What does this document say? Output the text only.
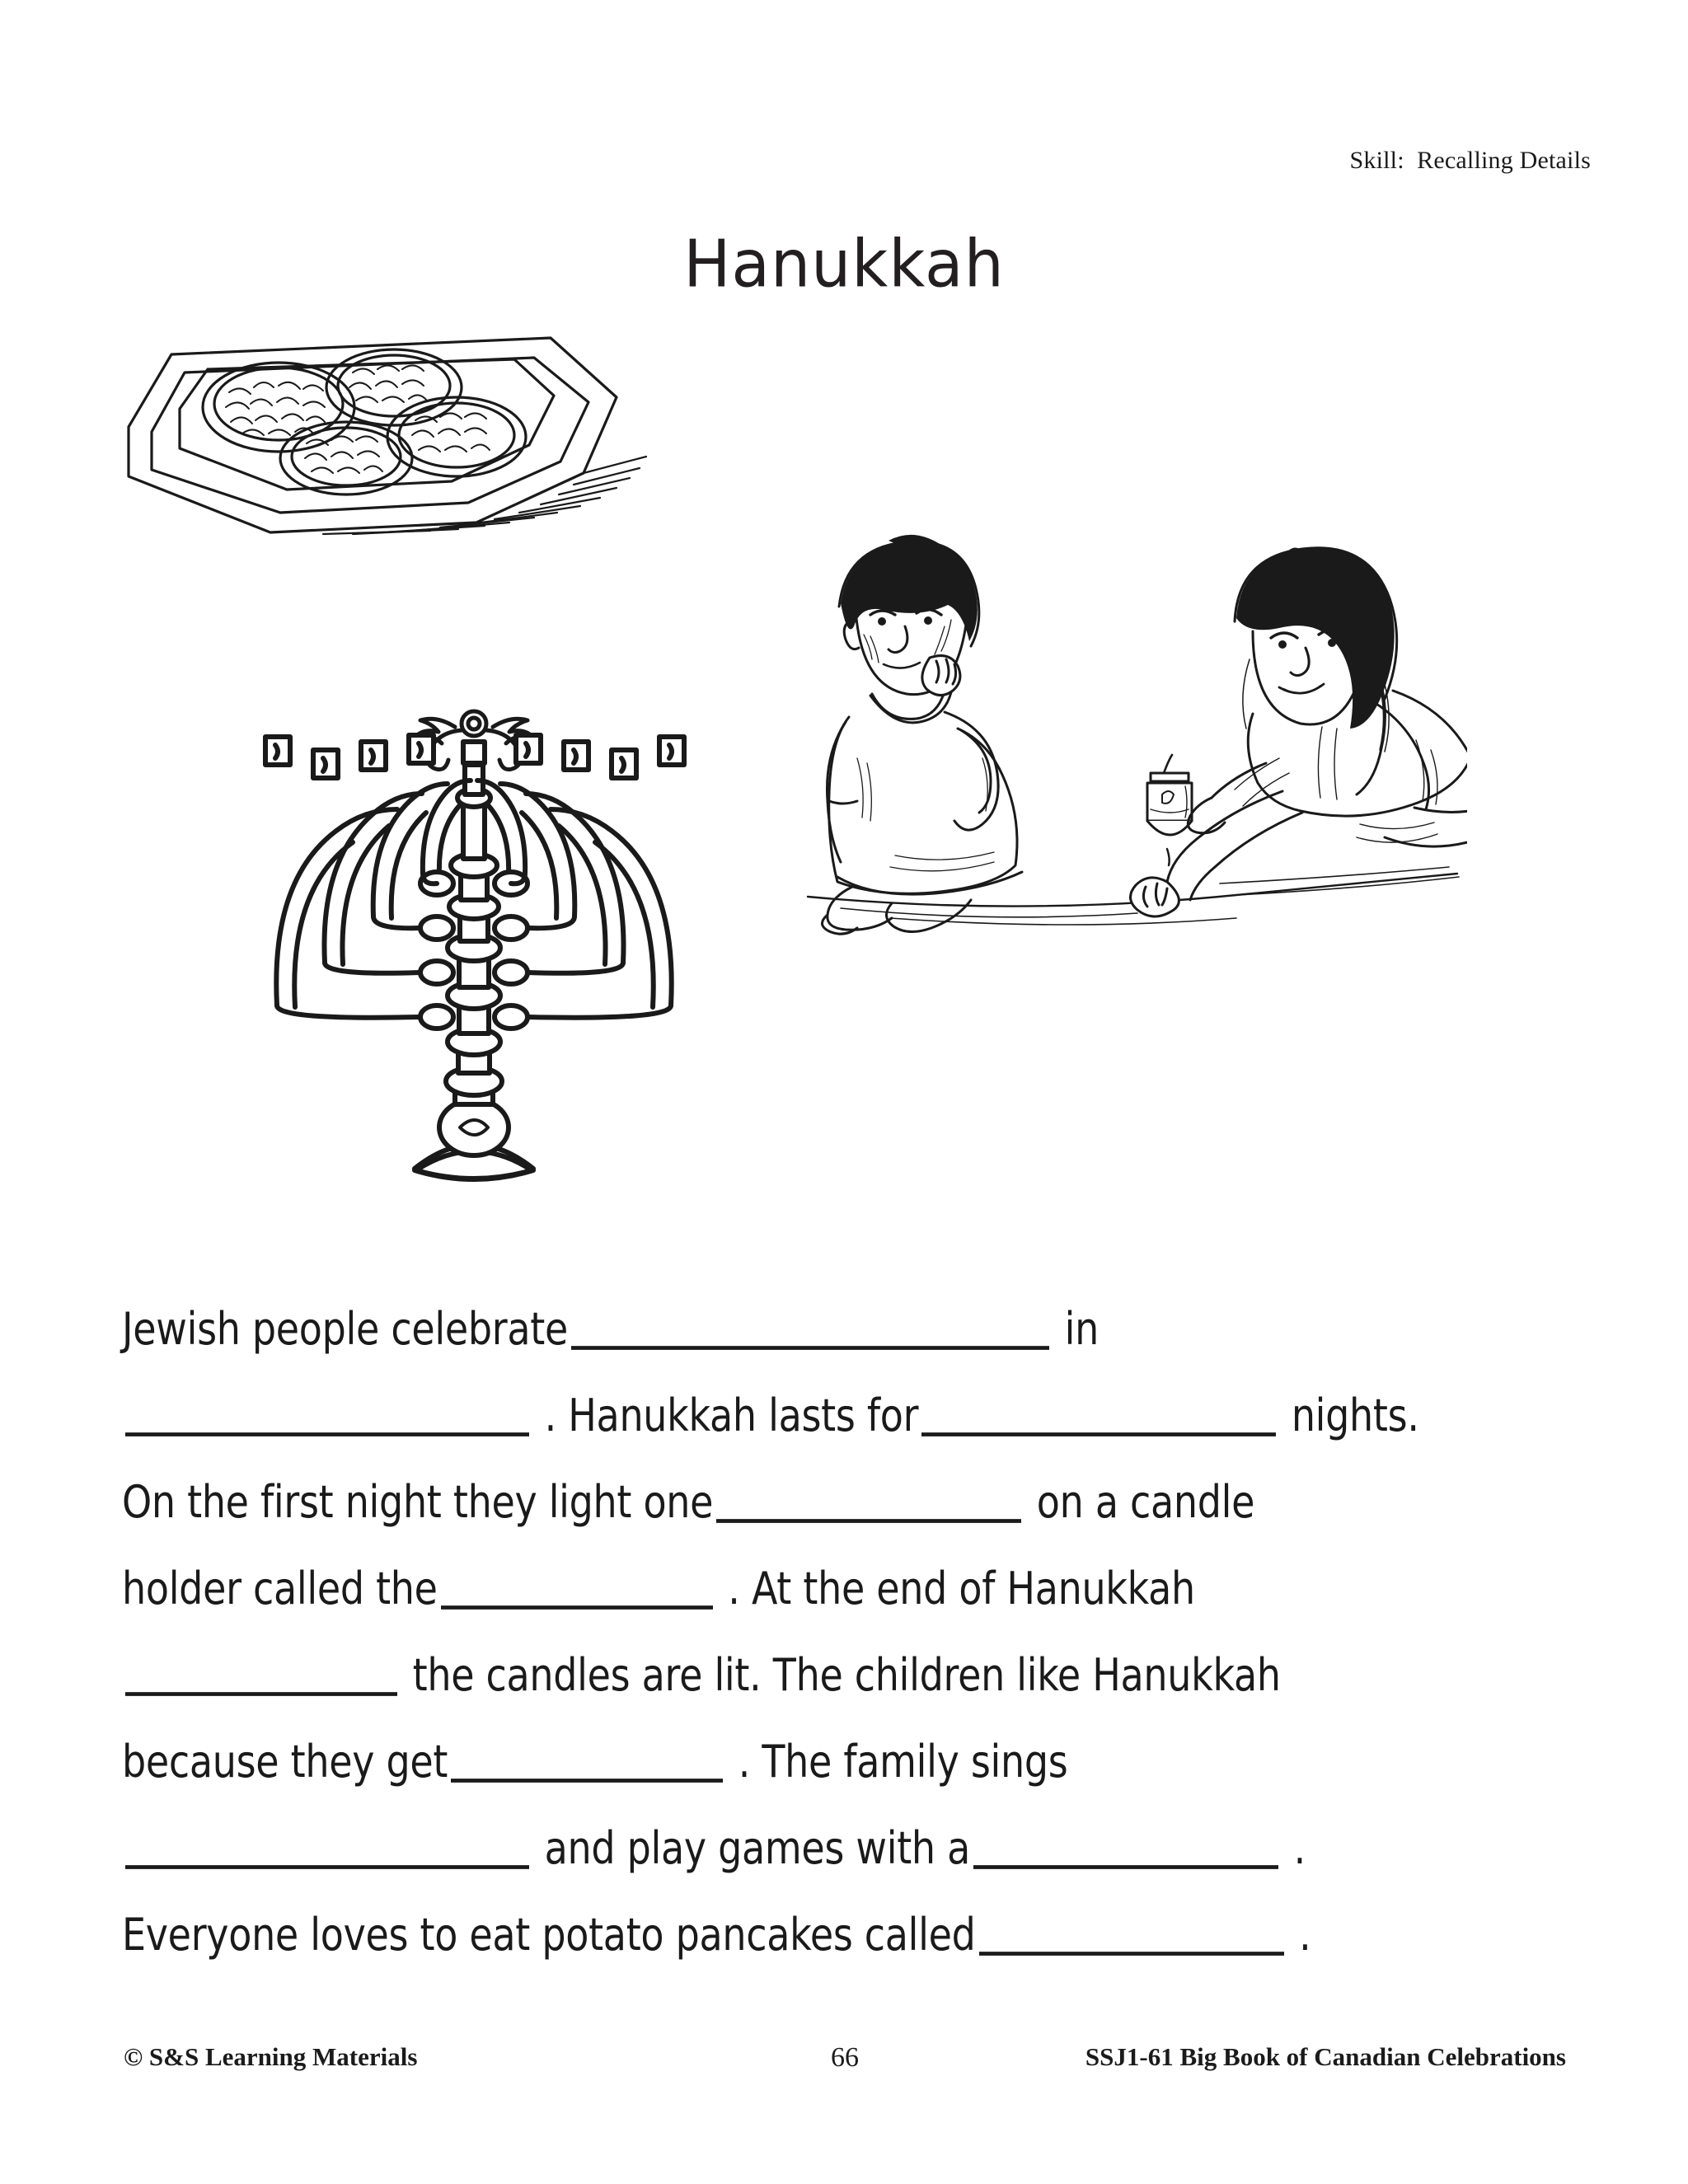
Skill:  Recalling Details
Hanukkah
Jewish people celebrate	in
. Hanukkah lasts for	nights.
On the first night they light one	on a candle
holder called the	. At the end of Hanukkah
the candles are lit. The children like Hanukkah
because they get	. The family sings
and play games with a	.
Everyone loves to eat potato pancakes called	.
© S&S Learning Materials	66	SSJ1-61 Big Book of Canadian Celebrations
